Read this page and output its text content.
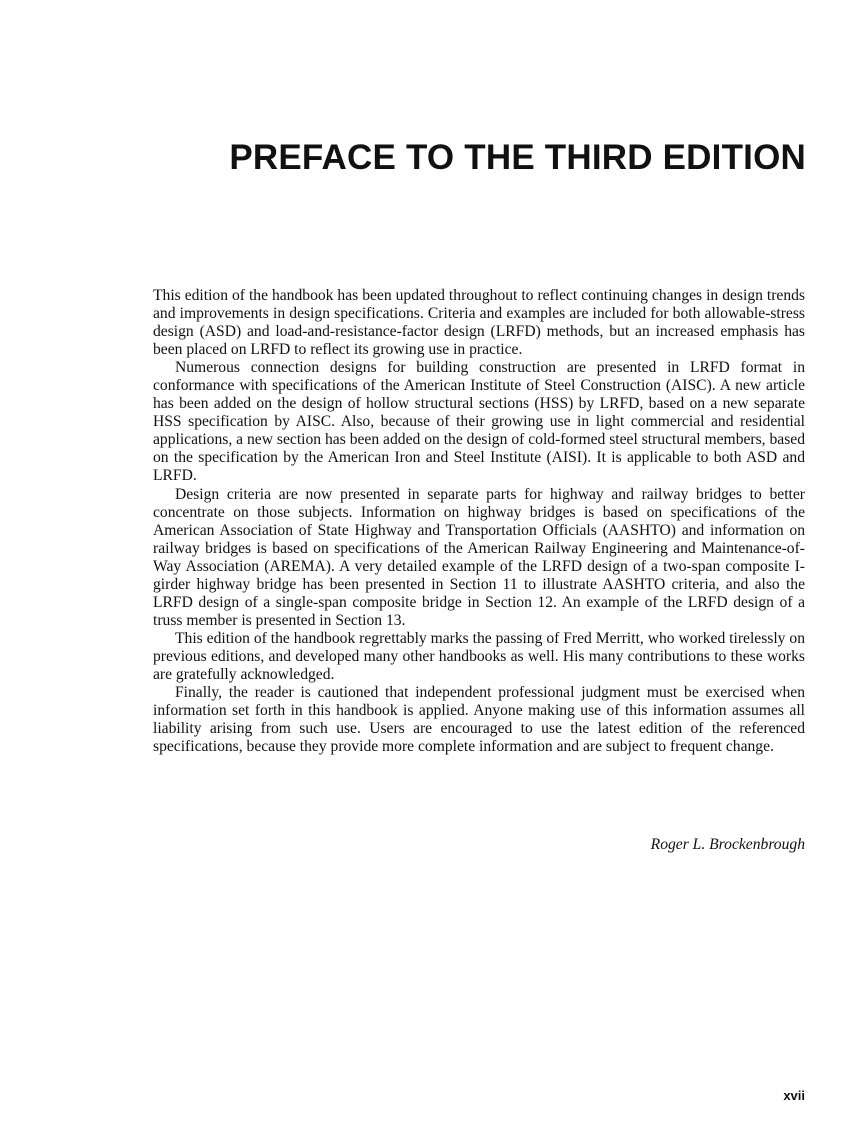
PREFACE TO THE THIRD EDITION

This edition of the handbook has been updated throughout to reflect continuing changes in design trends and improvements in design specifications. Criteria and examples are included for both allowable-stress design (ASD) and load-and-resistance-factor design (LRFD) methods, but an increased emphasis has been placed on LRFD to reflect its growing use in practice.

Numerous connection designs for building construction are presented in LRFD format in conformance with specifications of the American Institute of Steel Construction (AISC). A new article has been added on the design of hollow structural sections (HSS) by LRFD, based on a new separate HSS specification by AISC. Also, because of their growing use in light commercial and residential applications, a new section has been added on the design of cold-formed steel structural members, based on the specification by the American Iron and Steel Institute (AISI). It is applicable to both ASD and LRFD.

Design criteria are now presented in separate parts for highway and railway bridges to better concentrate on those subjects. Information on highway bridges is based on specifications of the American Association of State Highway and Transportation Officials (AASHTO) and information on railway bridges is based on specifications of the American Railway Engineering and Maintenance-of-Way Association (AREMA). A very detailed example of the LRFD design of a two-span composite I-girder highway bridge has been presented in Section 11 to illustrate AASHTO criteria, and also the LRFD design of a single-span composite bridge in Section 12. An example of the LRFD design of a truss member is presented in Section 13.

This edition of the handbook regrettably marks the passing of Fred Merritt, who worked tirelessly on previous editions, and developed many other handbooks as well. His many contributions to these works are gratefully acknowledged.

Finally, the reader is cautioned that independent professional judgment must be exercised when information set forth in this handbook is applied. Anyone making use of this information assumes all liability arising from such use. Users are encouraged to use the latest edition of the referenced specifications, because they provide more complete information and are subject to frequent change.

Roger L. Brockenbrough
xvii
